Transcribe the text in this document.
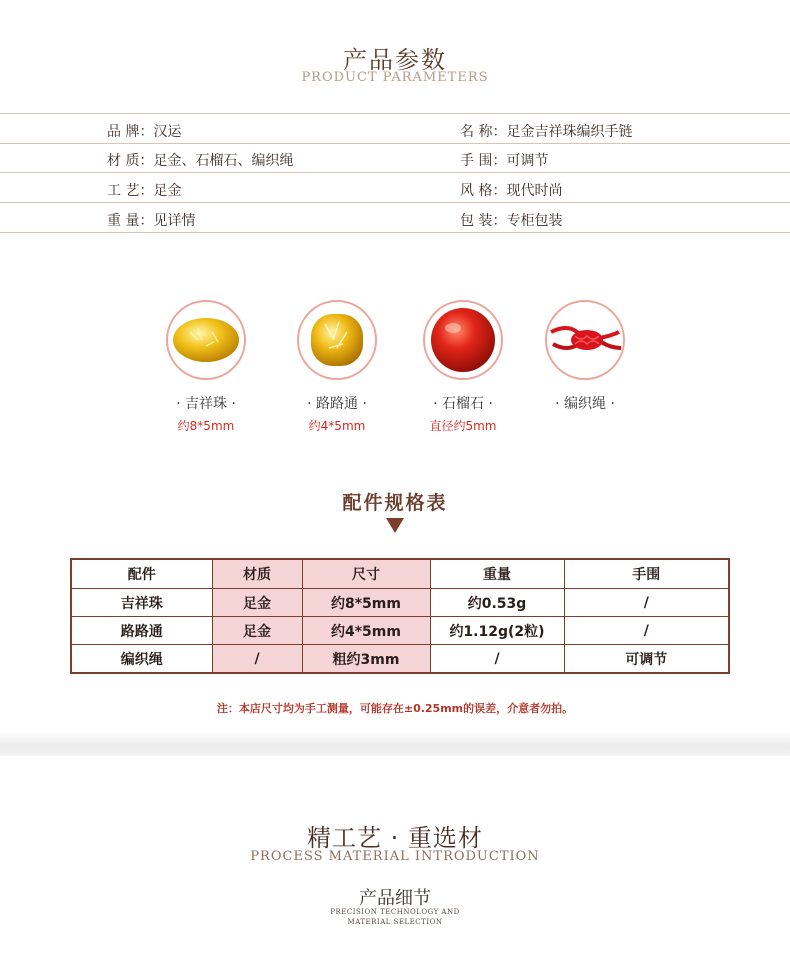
产品参数
PRODUCT PARAMETERS
品 牌：汉运	名 称：足金吉祥珠编织手链
材 质：足金、石榴石、编织绳	手 围：可调节
工 艺：足金	风 格：现代时尚
重 量：见详情	包 装：专柜包装
· 吉祥珠 ·
约8*5mm
· 路路通 ·
约4*5mm
· 石榴石 ·
直径约5mm
· 编织绳 ·
配件规格表
配件	材质	尺寸	重量	手围
吉祥珠	足金	约8*5mm	约0.53g	/
路路通	足金	约4*5mm	约1.12g(2粒)	/
编织绳	/	粗约3mm	/	可调节
注：本店尺寸均为手工测量，可能存在±0.25mm的误差，介意者勿拍。
精工艺 · 重选材
PROCESS MATERIAL INTRODUCTION
产品细节
PRECISION TECHNOLOGY AND
MATERIAL SELECTION
